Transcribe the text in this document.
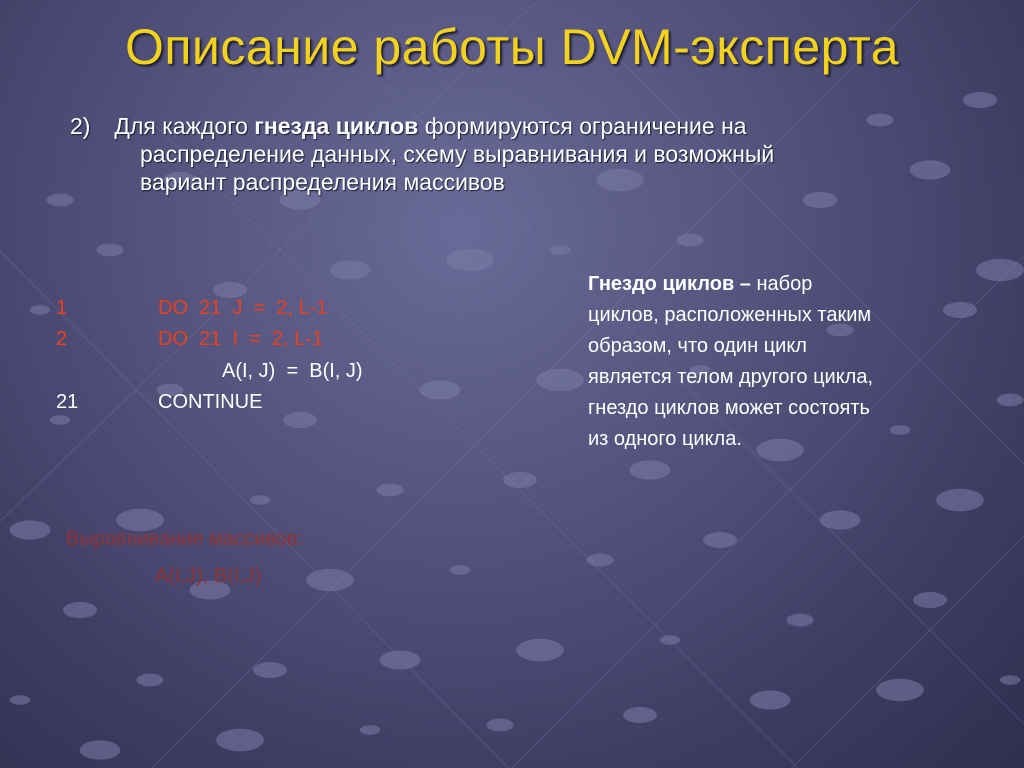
Описание работы DVM-эксперта
2) Для каждого гнезда циклов формируются ограничение на
распределение данных, схему выравнивания и возможный
вариант распределения массивов
1	DO  21  J  =  2, L-1
2	DO  21  I  =  2, L-1
A(I, J)  =  B(I, J)
21	CONTINUE
Гнездо циклов – набор
циклов, расположенных таким
образом, что один цикл
является телом другого цикла,
гнездо циклов может состоять
из одного цикла.
Выравнивание массивов:
A(I,J), B(I,J)
